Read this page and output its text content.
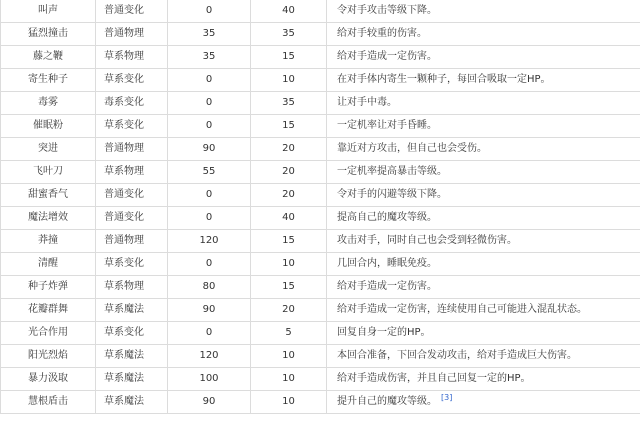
叫声	普通变化	0	40	令对手攻击等级下降。
猛烈撞击	普通物理	35	35	给对手较重的伤害。
藤之鞭	草系物理	35	15	给对手造成一定伤害。
寄生种子	草系变化	0	10	在对手体内寄生一颗种子，每回合吸取一定HP。
毒雾	毒系变化	0	35	让对手中毒。
催眠粉	草系变化	0	15	一定机率让对手昏睡。
突进	普通物理	90	20	靠近对方攻击，但自己也会受伤。
飞叶刀	草系物理	55	20	一定机率提高暴击等级。
甜蜜香气	普通变化	0	20	令对手的闪避等级下降。
魔法增效	普通变化	0	40	提高自己的魔攻等级。
莽撞	普通物理	120	15	攻击对手，同时自己也会受到轻微伤害。
清醒	草系变化	0	10	几回合内，睡眠免疫。
种子炸弹	草系物理	80	15	给对手造成一定伤害。
花瓣群舞	草系魔法	90	20	给对手造成一定伤害，连续使用自己可能进入混乱状态。
光合作用	草系变化	0	5	回复自身一定的HP。
阳光烈焰	草系魔法	120	10	本回合准备，下回合发动攻击，给对手造成巨大伤害。
暴力汲取	草系魔法	100	10	给对手造成伤害，并且自己回复一定的HP。
慧根盾击	草系魔法	90	10	提升自己的魔攻等级。 [3]
